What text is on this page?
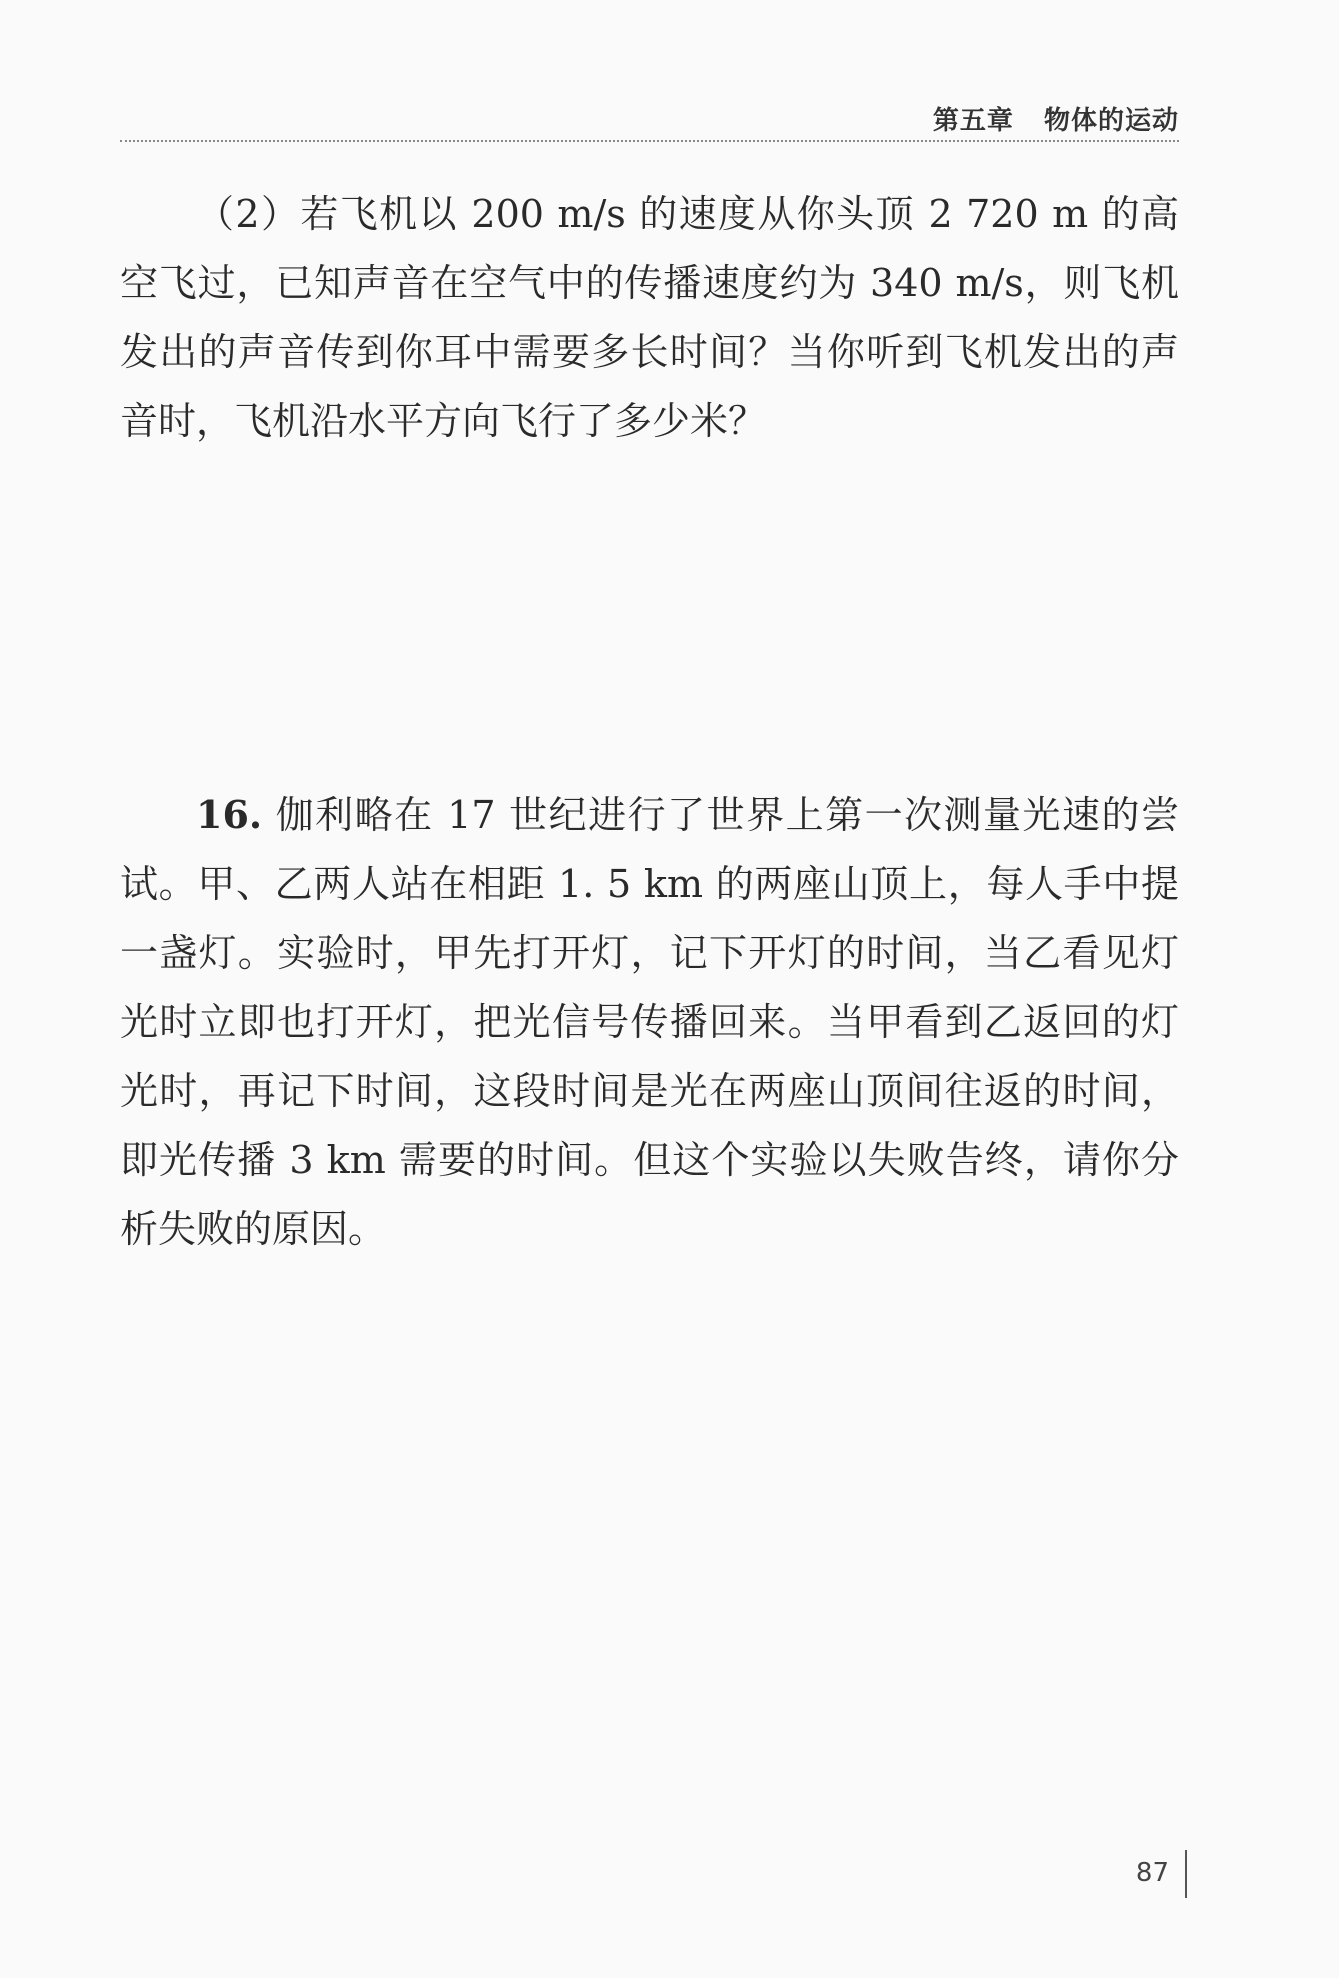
第五章 物体的运动

（2）若飞机以 200 m/s 的速度从你头顶 2 720 m 的高空飞过，已知声音在空气中的传播速度约为 340 m/s，则飞机发出的声音传到你耳中需要多长时间？当你听到飞机发出的声音时，飞机沿水平方向飞行了多少米？

16. 伽利略在 17 世纪进行了世界上第一次测量光速的尝试。甲、乙两人站在相距 1. 5 km 的两座山顶上，每人手中提一盏灯。实验时，甲先打开灯，记下开灯的时间，当乙看见灯光时立即也打开灯，把光信号传播回来。当甲看到乙返回的灯光时，再记下时间，这段时间是光在两座山顶间往返的时间，即光传播 3 km 需要的时间。但这个实验以失败告终，请你分析失败的原因。

87
